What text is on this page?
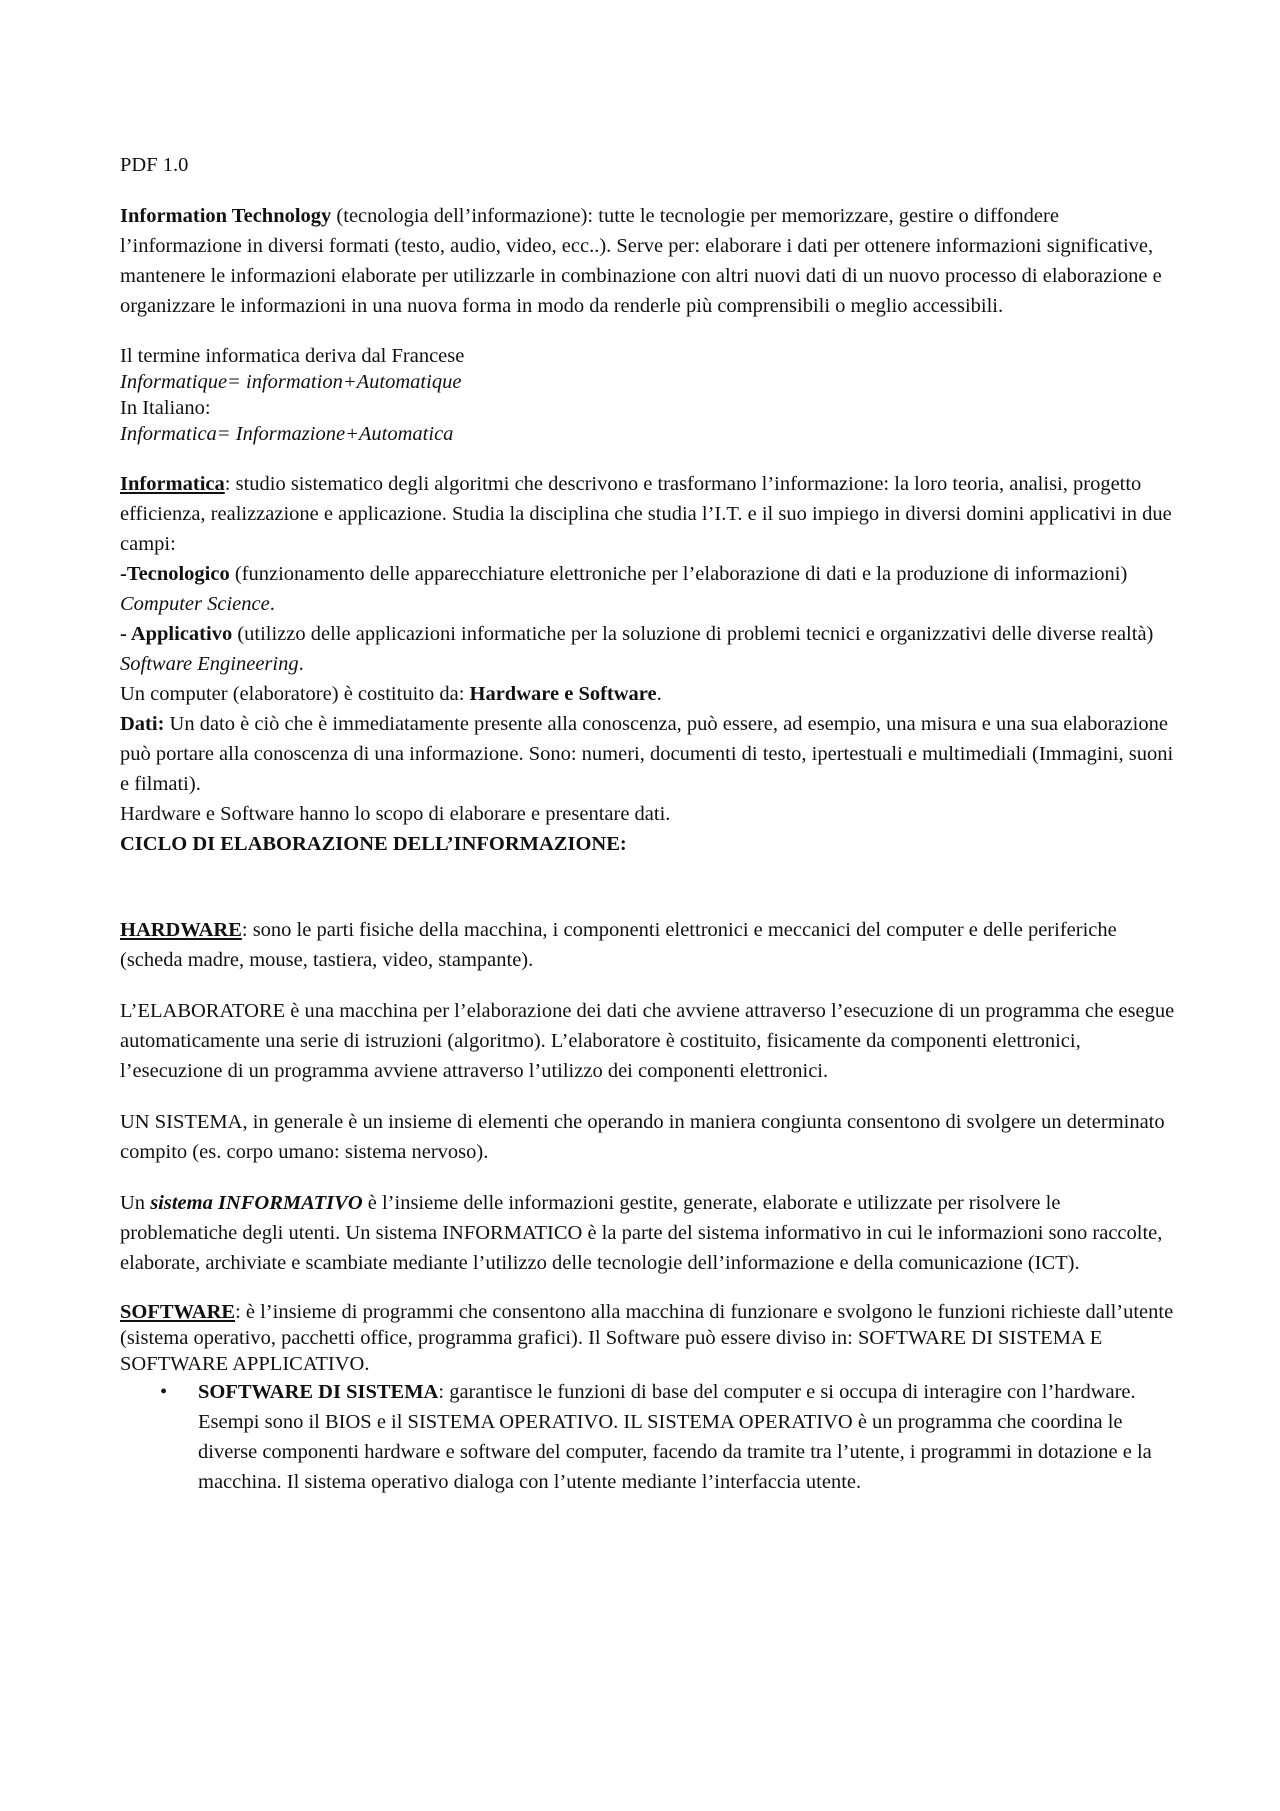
PDF 1.0

Information Technology (tecnologia dell’informazione): tutte le tecnologie per memorizzare, gestire o diffondere l’informazione in diversi formati (testo, audio, video, ecc..). Serve per: elaborare i dati per ottenere informazioni significative, mantenere le informazioni elaborate per utilizzarle in combinazione con altri nuovi dati di un nuovo processo di elaborazione e organizzare le informazioni in una nuova forma in modo da renderle più comprensibili o meglio accessibili.

Il termine informatica deriva dal Francese

Informatique= information+Automatique

In Italiano:

Informatica= Informazione+Automatica

Informatica: studio sistematico degli algoritmi che descrivono e trasformano l’informazione: la loro teoria, analisi, progetto efficienza, realizzazione e applicazione. Studia la disciplina che studia l’I.T. e il suo impiego in diversi domini applicativi in due campi:

-Tecnologico (funzionamento delle apparecchiature elettroniche per l’elaborazione di dati e la produzione di informazioni) Computer Science.

- Applicativo (utilizzo delle applicazioni informatiche per la soluzione di problemi tecnici e organizzativi delle diverse realtà) Software Engineering.

Un computer (elaboratore) è costituito da: Hardware e Software.

Dati: Un dato è ciò che è immediatamente presente alla conoscenza, può essere, ad esempio, una misura e una sua elaborazione può portare alla conoscenza di una informazione. Sono: numeri, documenti di testo, ipertestuali e multimediali (Immagini, suoni e filmati).

Hardware e Software hanno lo scopo di elaborare e presentare dati.

CICLO DI ELABORAZIONE DELL’INFORMAZIONE:

HARDWARE: sono le parti fisiche della macchina, i componenti elettronici e meccanici del computer e delle periferiche (scheda madre, mouse, tastiera, video, stampante).

L’ELABORATORE è una macchina per l’elaborazione dei dati che avviene attraverso l’esecuzione di un programma che esegue automaticamente una serie di istruzioni (algoritmo). L’elaboratore è costituito, fisicamente da componenti elettronici, l’esecuzione di un programma avviene attraverso l’utilizzo dei componenti elettronici.

UN SISTEMA, in generale è un insieme di elementi che operando in maniera congiunta consentono di svolgere un determinato compito (es. corpo umano: sistema nervoso).

Un sistema INFORMATIVO è l’insieme delle informazioni gestite, generate, elaborate e utilizzate per risolvere le problematiche degli utenti. Un sistema INFORMATICO è la parte del sistema informativo in cui le informazioni sono raccolte, elaborate, archiviate e scambiate mediante l’utilizzo delle tecnologie dell’informazione e della comunicazione (ICT).

SOFTWARE: è l’insieme di programmi che consentono alla macchina di funzionare e svolgono le funzioni richieste dall’utente (sistema operativo, pacchetti office, programma grafici). Il Software può essere diviso in: SOFTWARE DI SISTEMA E SOFTWARE APPLICATIVO.

• SOFTWARE DI SISTEMA: garantisce le funzioni di base del computer e si occupa di interagire con l’hardware. Esempi sono il BIOS e il SISTEMA OPERATIVO. IL SISTEMA OPERATIVO è un programma che coordina le diverse componenti hardware e software del computer, facendo da tramite tra l’utente, i programmi in dotazione e la macchina. Il sistema operativo dialoga con l’utente mediante l’interfaccia utente.
